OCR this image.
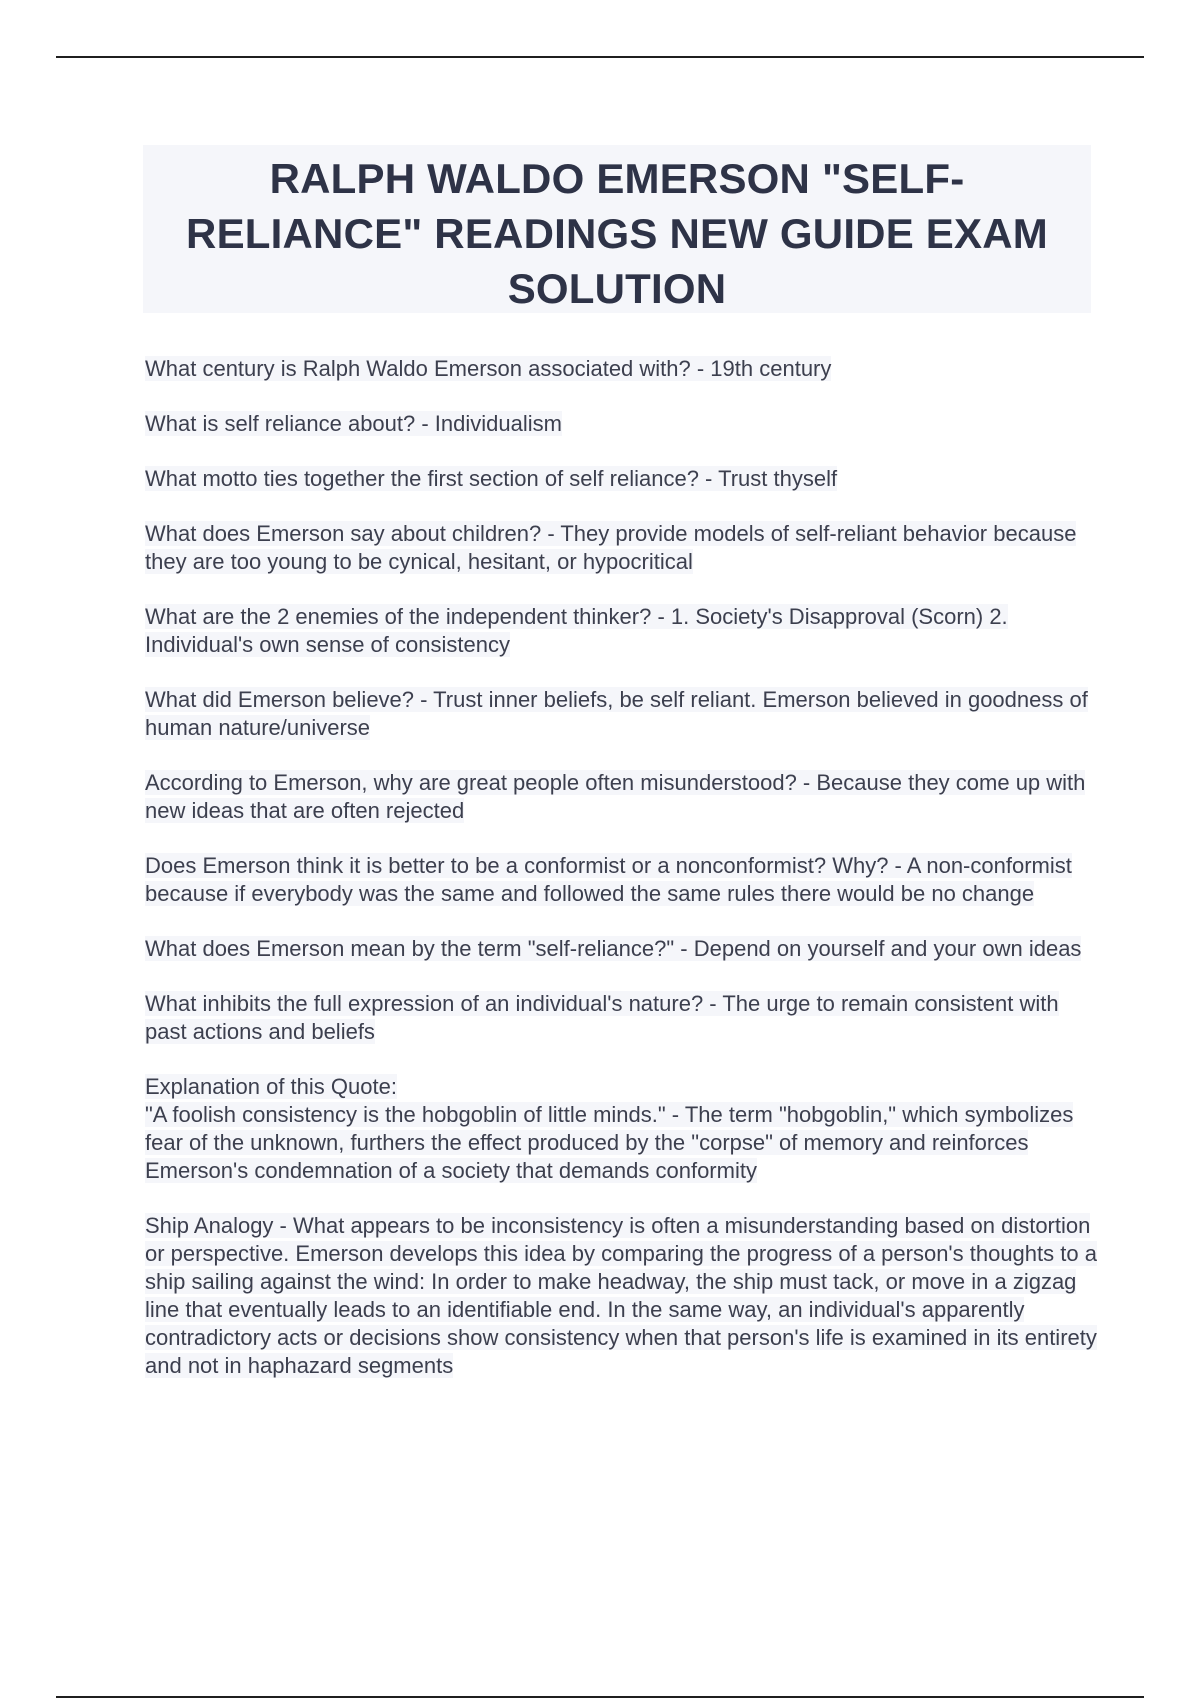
RALPH WALDO EMERSON "SELF-RELIANCE" READINGS NEW GUIDE EXAM SOLUTION

What century is Ralph Waldo Emerson associated with? - 19th century

What is self reliance about? - Individualism

What motto ties together the first section of self reliance? - Trust thyself

What does Emerson say about children? - They provide models of self-reliant behavior because they are too young to be cynical, hesitant, or hypocritical

What are the 2 enemies of the independent thinker? - 1. Society's Disapproval (Scorn) 2. Individual's own sense of consistency

What did Emerson believe? - Trust inner beliefs, be self reliant. Emerson believed in goodness of human nature/universe

According to Emerson, why are great people often misunderstood? - Because they come up with new ideas that are often rejected

Does Emerson think it is better to be a conformist or a nonconformist? Why? - A non-conformist because if everybody was the same and followed the same rules there would be no change

What does Emerson mean by the term "self-reliance?" - Depend on yourself and your own ideas

What inhibits the full expression of an individual's nature? - The urge to remain consistent with past actions and beliefs

Explanation of this Quote:
"A foolish consistency is the hobgoblin of little minds." - The term "hobgoblin," which symbolizes fear of the unknown, furthers the effect produced by the "corpse" of memory and reinforces Emerson's condemnation of a society that demands conformity

Ship Analogy - What appears to be inconsistency is often a misunderstanding based on distortion or perspective. Emerson develops this idea by comparing the progress of a person's thoughts to a ship sailing against the wind: In order to make headway, the ship must tack, or move in a zigzag line that eventually leads to an identifiable end. In the same way, an individual's apparently contradictory acts or decisions show consistency when that person's life is examined in its entirety and not in haphazard segments
